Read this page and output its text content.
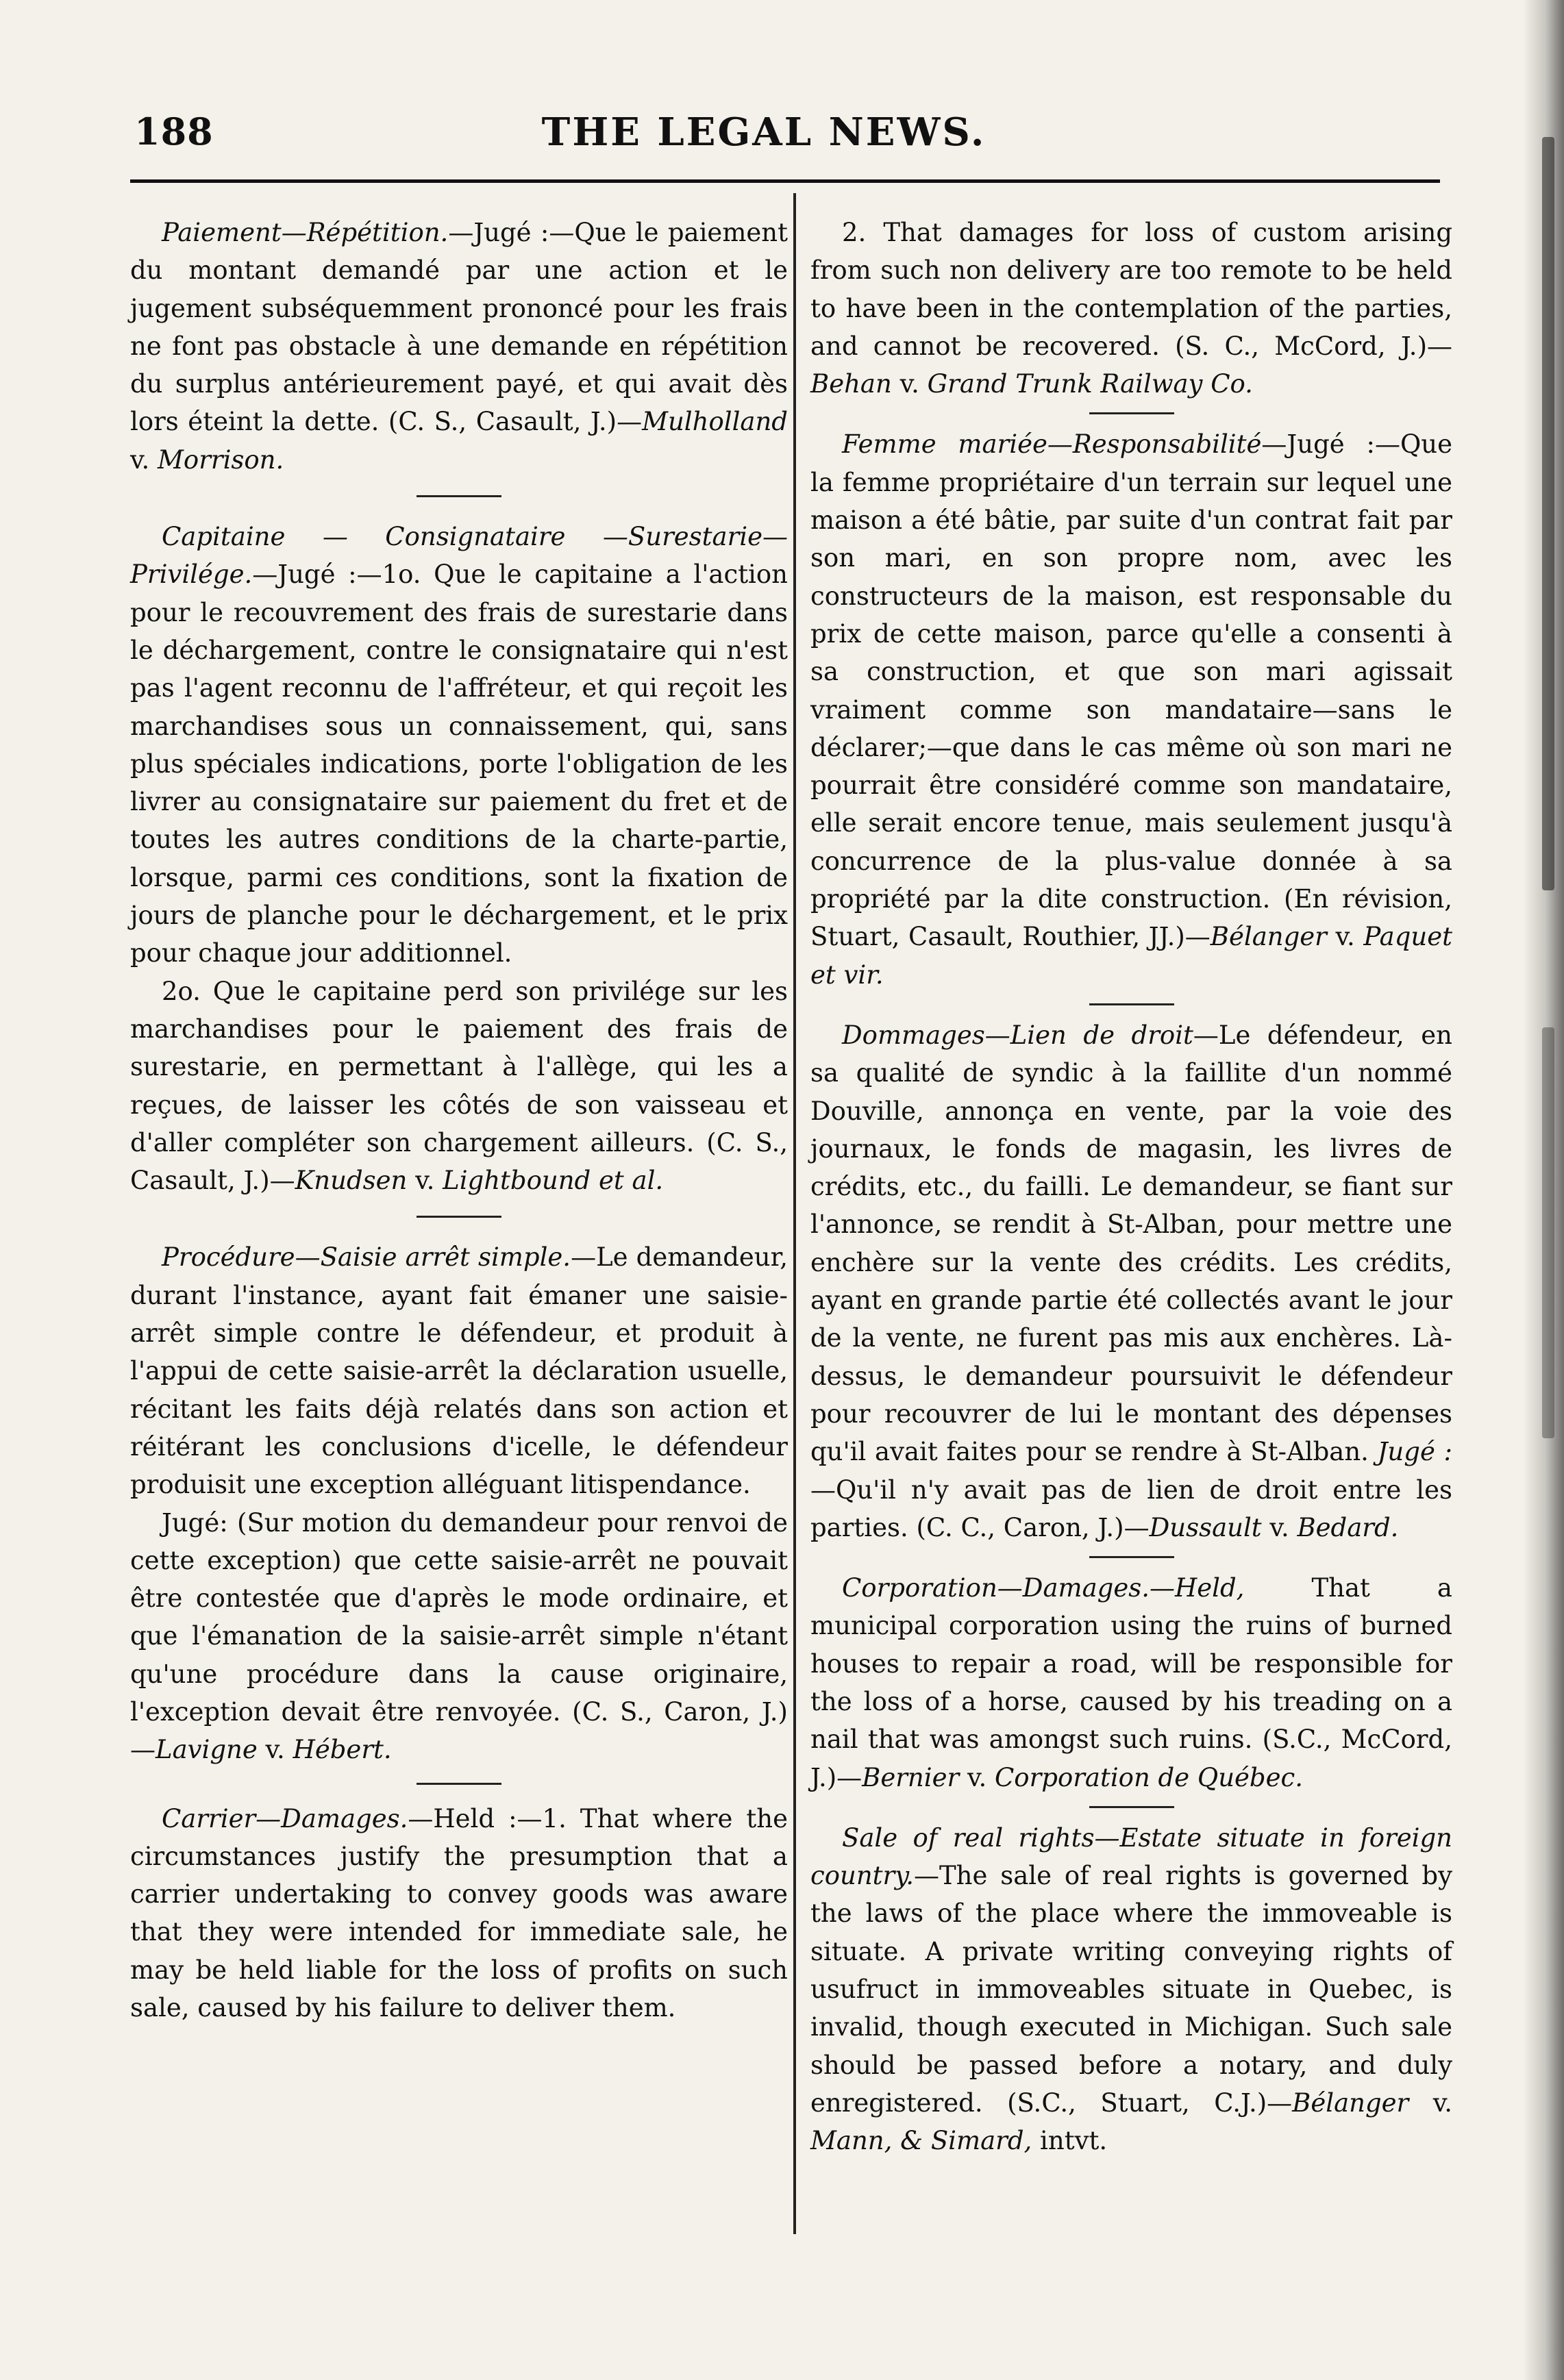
188	THE LEGAL NEWS.

Paiement—Répétition.—Jugé :—Que le paiement du montant demandé par une action et le jugement subséquemment prononcé pour les frais ne font pas obstacle à une demande en répétition du surplus antérieurement payé, et qui avait dès lors éteint la dette. (C. S., Casault, J.)—Mulholland v. Morrison.

Capitaine — Consignataire —Surestarie—Privilége.—Jugé :—1o. Que le capitaine a l'action pour le recouvrement des frais de surestarie dans le déchargement, contre le consignataire qui n'est pas l'agent reconnu de l'affréteur, et qui reçoit les marchandises sous un connaissement, qui, sans plus spéciales indications, porte l'obligation de les livrer au consignataire sur paiement du fret et de toutes les autres conditions de la charte-partie, lorsque, parmi ces conditions, sont la fixation de jours de planche pour le déchargement, et le prix pour chaque jour additionnel.

2o. Que le capitaine perd son privilége sur les marchandises pour le paiement des frais de surestarie, en permettant à l'allège, qui les a reçues, de laisser les côtés de son vaisseau et d'aller compléter son chargement ailleurs. (C. S., Casault, J.)—Knudsen v. Lightbound et al.

Procédure—Saisie arrêt simple.—Le demandeur, durant l'instance, ayant fait émaner une saisie-arrêt simple contre le défendeur, et produit à l'appui de cette saisie-arrêt la déclaration usuelle, récitant les faits déjà relatés dans son action et réitérant les conclusions d'icelle, le défendeur produisit une exception alléguant litispendance.

Jugé: (Sur motion du demandeur pour renvoi de cette exception) que cette saisie-arrêt ne pouvait être contestée que d'après le mode ordinaire, et que l'émanation de la saisie-arrêt simple n'étant qu'une procédure dans la cause originaire, l'exception devait être renvoyée. (C. S., Caron, J.)—Lavigne v. Hébert.

Carrier—Damages.—Held :—1. That where the circumstances justify the presumption that a carrier undertaking to convey goods was aware that they were intended for immediate sale, he may be held liable for the loss of profits on such sale, caused by his failure to deliver them.

2. That damages for loss of custom arising from such non delivery are too remote to be held to have been in the contemplation of the parties, and cannot be recovered. (S. C., McCord, J.)—Behan v. Grand Trunk Railway Co.

Femme mariée—Responsabilité—Jugé :—Que la femme propriétaire d'un terrain sur lequel une maison a été bâtie, par suite d'un contrat fait par son mari, en son propre nom, avec les constructeurs de la maison, est responsable du prix de cette maison, parce qu'elle a consenti à sa construction, et que son mari agissait vraiment comme son mandataire—sans le déclarer;—que dans le cas même où son mari ne pourrait être considéré comme son mandataire, elle serait encore tenue, mais seulement jusqu'à concurrence de la plus-value donnée à sa propriété par la dite construction. (En révision, Stuart, Casault, Routhier, JJ.)—Bélanger v. Paquet et vir.

Dommages—Lien de droit—Le défendeur, en sa qualité de syndic à la faillite d'un nommé Douville, annonça en vente, par la voie des journaux, le fonds de magasin, les livres de crédits, etc., du failli. Le demandeur, se fiant sur l'annonce, se rendit à St-Alban, pour mettre une enchère sur la vente des crédits. Les crédits, ayant en grande partie été collectés avant le jour de la vente, ne furent pas mis aux enchères. Là-dessus, le demandeur poursuivit le défendeur pour recouvrer de lui le montant des dépenses qu'il avait faites pour se rendre à St-Alban. Jugé :—Qu'il n'y avait pas de lien de droit entre les parties. (C. C., Caron, J.)—Dussault v. Bedard.

Corporation—Damages.—Held, That a municipal corporation using the ruins of burned houses to repair a road, will be responsible for the loss of a horse, caused by his treading on a nail that was amongst such ruins. (S.C., McCord, J.)—Bernier v. Corporation de Québec.

Sale of real rights—Estate situate in foreign country.—The sale of real rights is governed by the laws of the place where the immoveable is situate. A private writing conveying rights of usufruct in immoveables situate in Quebec, is invalid, though executed in Michigan. Such sale should be passed before a notary, and duly enregistered. (S.C., Stuart, C.J.)—Bélanger v. Mann, & Simard, intvt.
